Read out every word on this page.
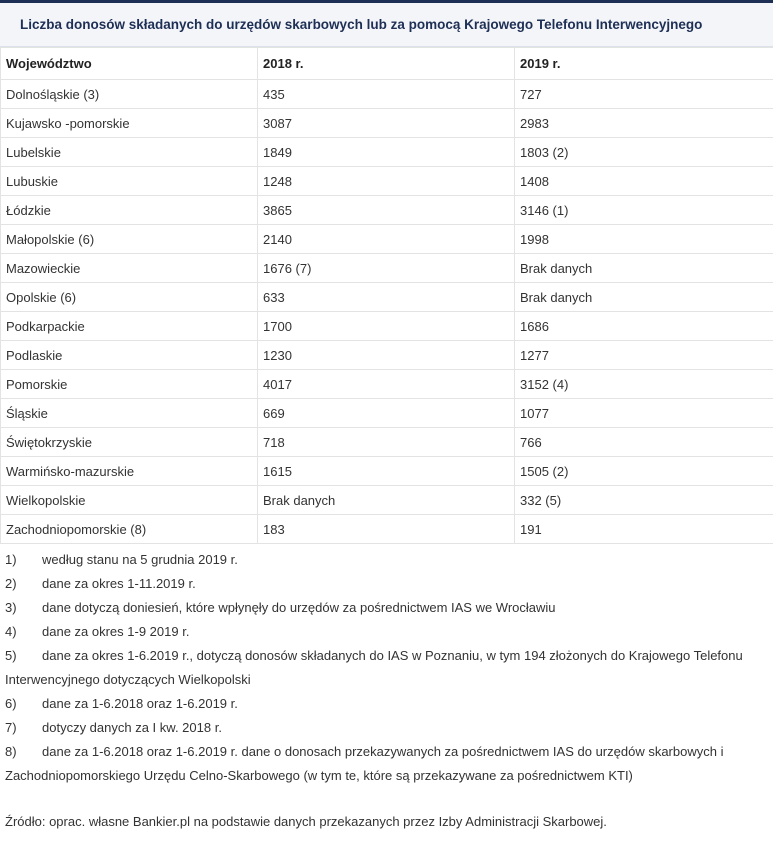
Liczba donosów składanych do urzędów skarbowych lub za pomocą Krajowego Telefonu Interwencyjnego
Województwo	2018 r.	2019 r.
Dolnośląskie (3)	435	727
Kujawsko -pomorskie	3087	2983
Lubelskie	1849	1803 (2)
Lubuskie	1248	1408
Łódzkie	3865	3146 (1)
Małopolskie (6)	2140	1998
Mazowieckie	1676 (7)	Brak danych
Opolskie (6)	633	Brak danych
Podkarpackie	1700	1686
Podlaskie	1230	1277
Pomorskie	4017	3152 (4)
Śląskie	669	1077
Świętokrzyskie	718	766
Warmińsko-mazurskie	1615	1505 (2)
Wielkopolskie	Brak danych	332 (5)
Zachodniopomorskie (8)	183	191
1)	według stanu na 5 grudnia 2019 r.
2)	dane za okres 1-11.2019 r.
3)	dane dotyczą doniesień, które wpłynęły do urzędów za pośrednictwem IAS we Wrocławiu
4)	dane za okres 1-9 2019 r.
5) dane za okres 1-6.2019 r., dotyczą donosów składanych do IAS w Poznaniu, w tym 194 złożonych do Krajowego Telefonu Interwencyjnego dotyczących Wielkopolski
6)	dane za 1-6.2018 oraz 1-6.2019 r.
7)	dotyczy danych za I kw. 2018 r.
8) dane za 1-6.2018 oraz 1-6.2019 r. dane o donosach przekazywanych za pośrednictwem IAS do urzędów skarbowych i Zachodniopomorskiego Urzędu Celno-Skarbowego (w tym te, które są przekazywane za pośrednictwem KTI)
Źródło: oprac. własne Bankier.pl na podstawie danych przekazanych przez Izby Administracji Skarbowej.
